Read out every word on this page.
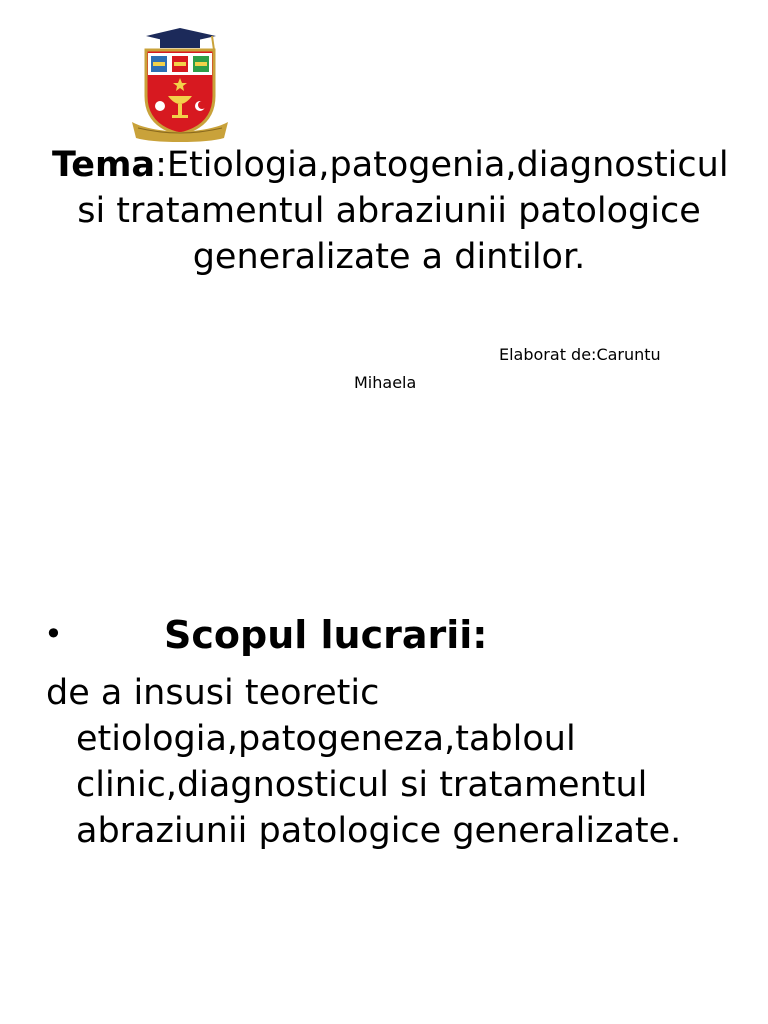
Tema:Etiologia,patogenia,diagnosticul si tratamentul abraziunii patologice generalizate a dintilor.
Elaborat de:Caruntu
Mihaela
•	Scopul lucrarii:

de a insusi teoretic etiologia,patogeneza,tabloul clinic,diagnosticul si tratamentul abraziunii patologice generalizate.
